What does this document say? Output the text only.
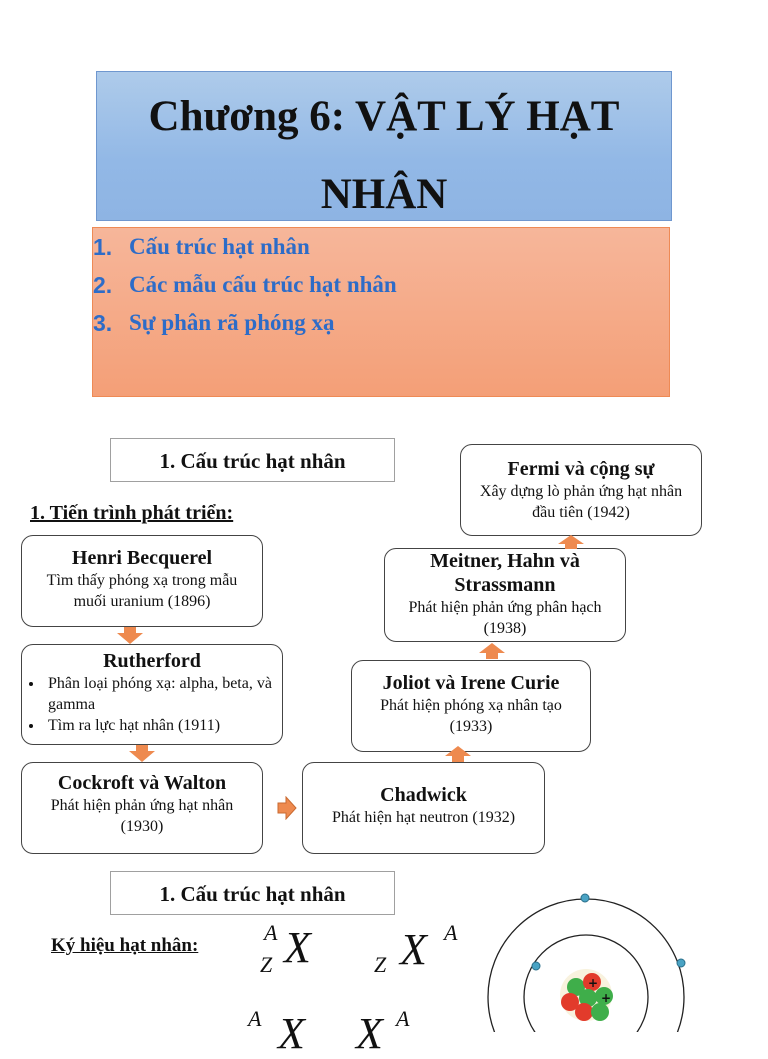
Chương 6: VẬT LÝ HẠT
NHÂN
1. Cấu trúc hạt nhân
2. Các mẫu cấu trúc hạt nhân
3. Sự phân rã phóng xạ
1. Cấu trúc hạt nhân
1. Tiến trình phát triển:
Henri Becquerel
Tìm thấy phóng xạ trong mẫu muối uranium (1896)
Rutherford
• Phân loại phóng xạ: alpha, beta, và gamma
• Tìm ra lực hạt nhân (1911)
Cockroft và Walton
Phát hiện phản ứng hạt nhân (1930)
Chadwick
Phát hiện hạt neutron (1932)
Joliot và Irene Curie
Phát hiện phóng xạ nhân tạo (1933)
Meitner, Hahn và Strassmann
Phát hiện phản ứng phân hạch (1938)
Fermi và cộng sự
Xây dựng lò phản ứng hạt nhân đầu tiên (1942)
1. Cấu trúc hạt nhân
Ký hiệu hạt nhân:
A
Z X	Z X A
A X X A
+
+
